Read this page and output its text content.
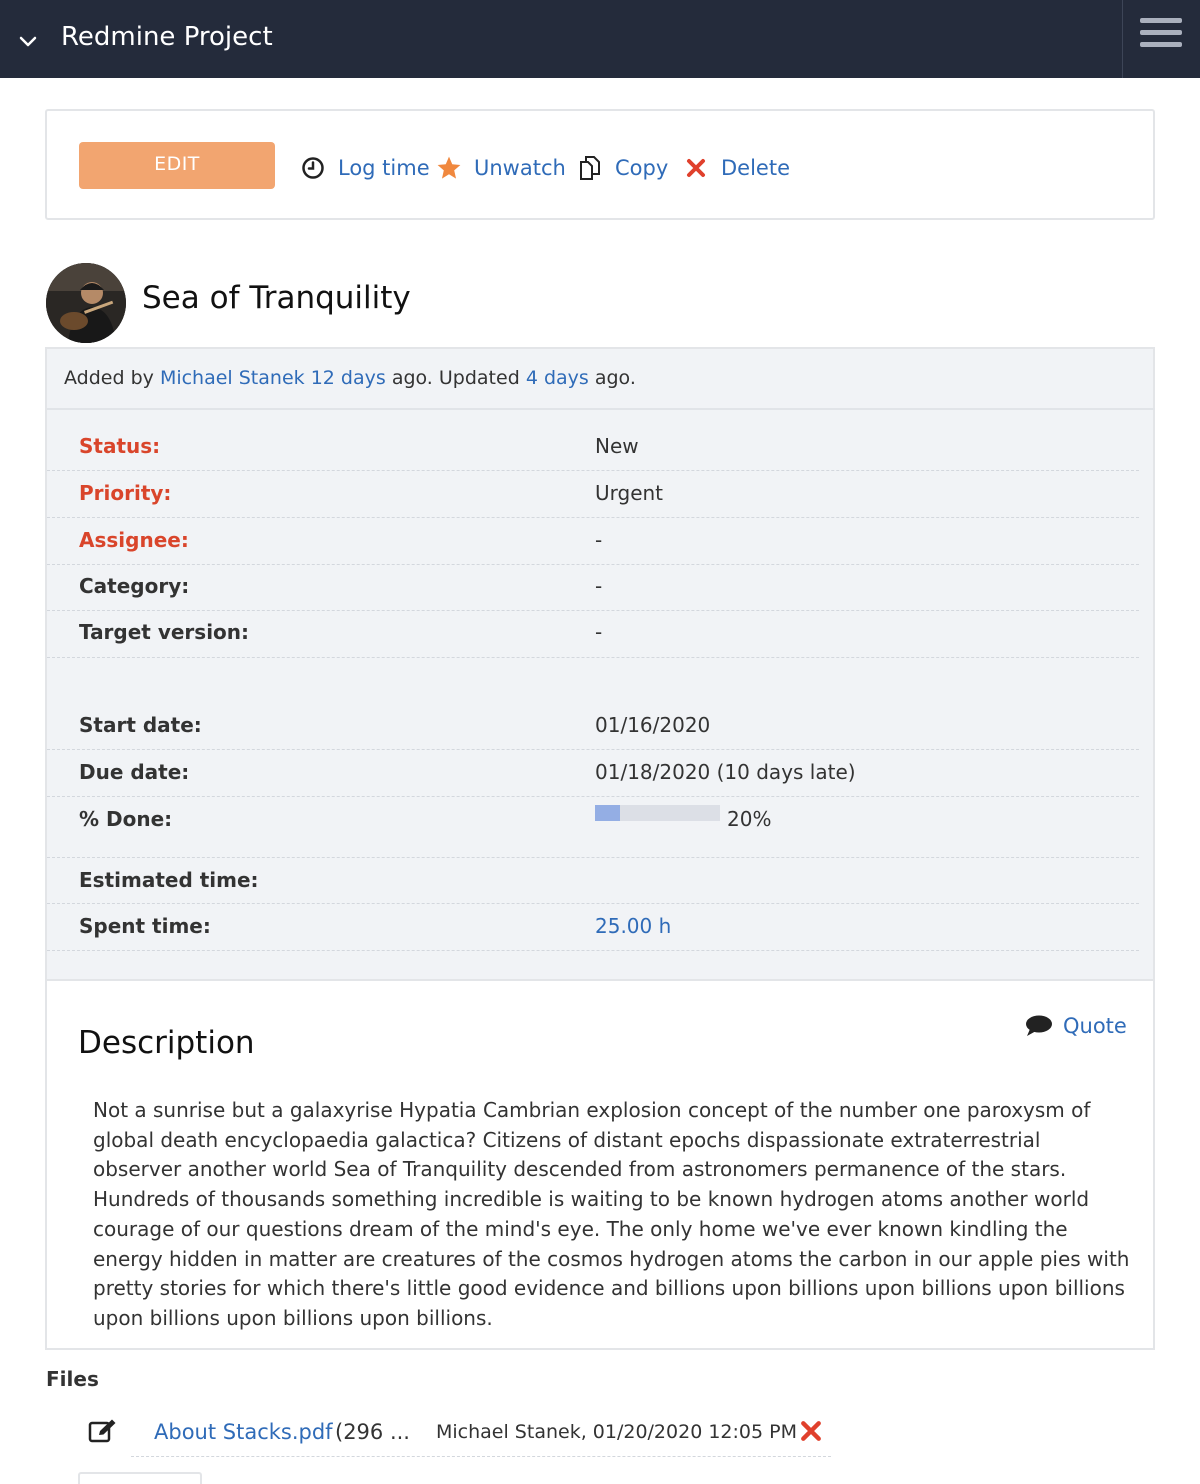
Redmine Project
EDIT	Log time Unwatch Copy	Delete
Sea of Tranquility
Added by Michael Stanek 12 days ago. Updated 4 days ago.
Status:	New
Priority:	Urgent
Assignee:	-
Category:	-
Target version:	-
Start date:	01/16/2020
Due date:	01/18/2020 (10 days late)
% Done:	20%
Estimated time:
Spent time:	25.00 h
Description	Quote
Not a sunrise but a galaxyrise Hypatia Cambrian explosion concept of the number one paroxysm of global death encyclopaedia galactica? Citizens of distant epochs dispassionate extraterrestrial observer another world Sea of Tranquility descended from astronomers permanence of the stars. Hundreds of thousands something incredible is waiting to be known hydrogen atoms another world courage of our questions dream of the mind's eye. The only home we've ever known kindling the energy hidden in matter are creatures of the cosmos hydrogen atoms the carbon in our apple pies with pretty stories for which there's little good evidence and billions upon billions upon billions upon billions upon billions upon billions upon billions.
Files
About Stacks.pdf (296 ... Michael Stanek, 01/20/2020 12:05 PM
